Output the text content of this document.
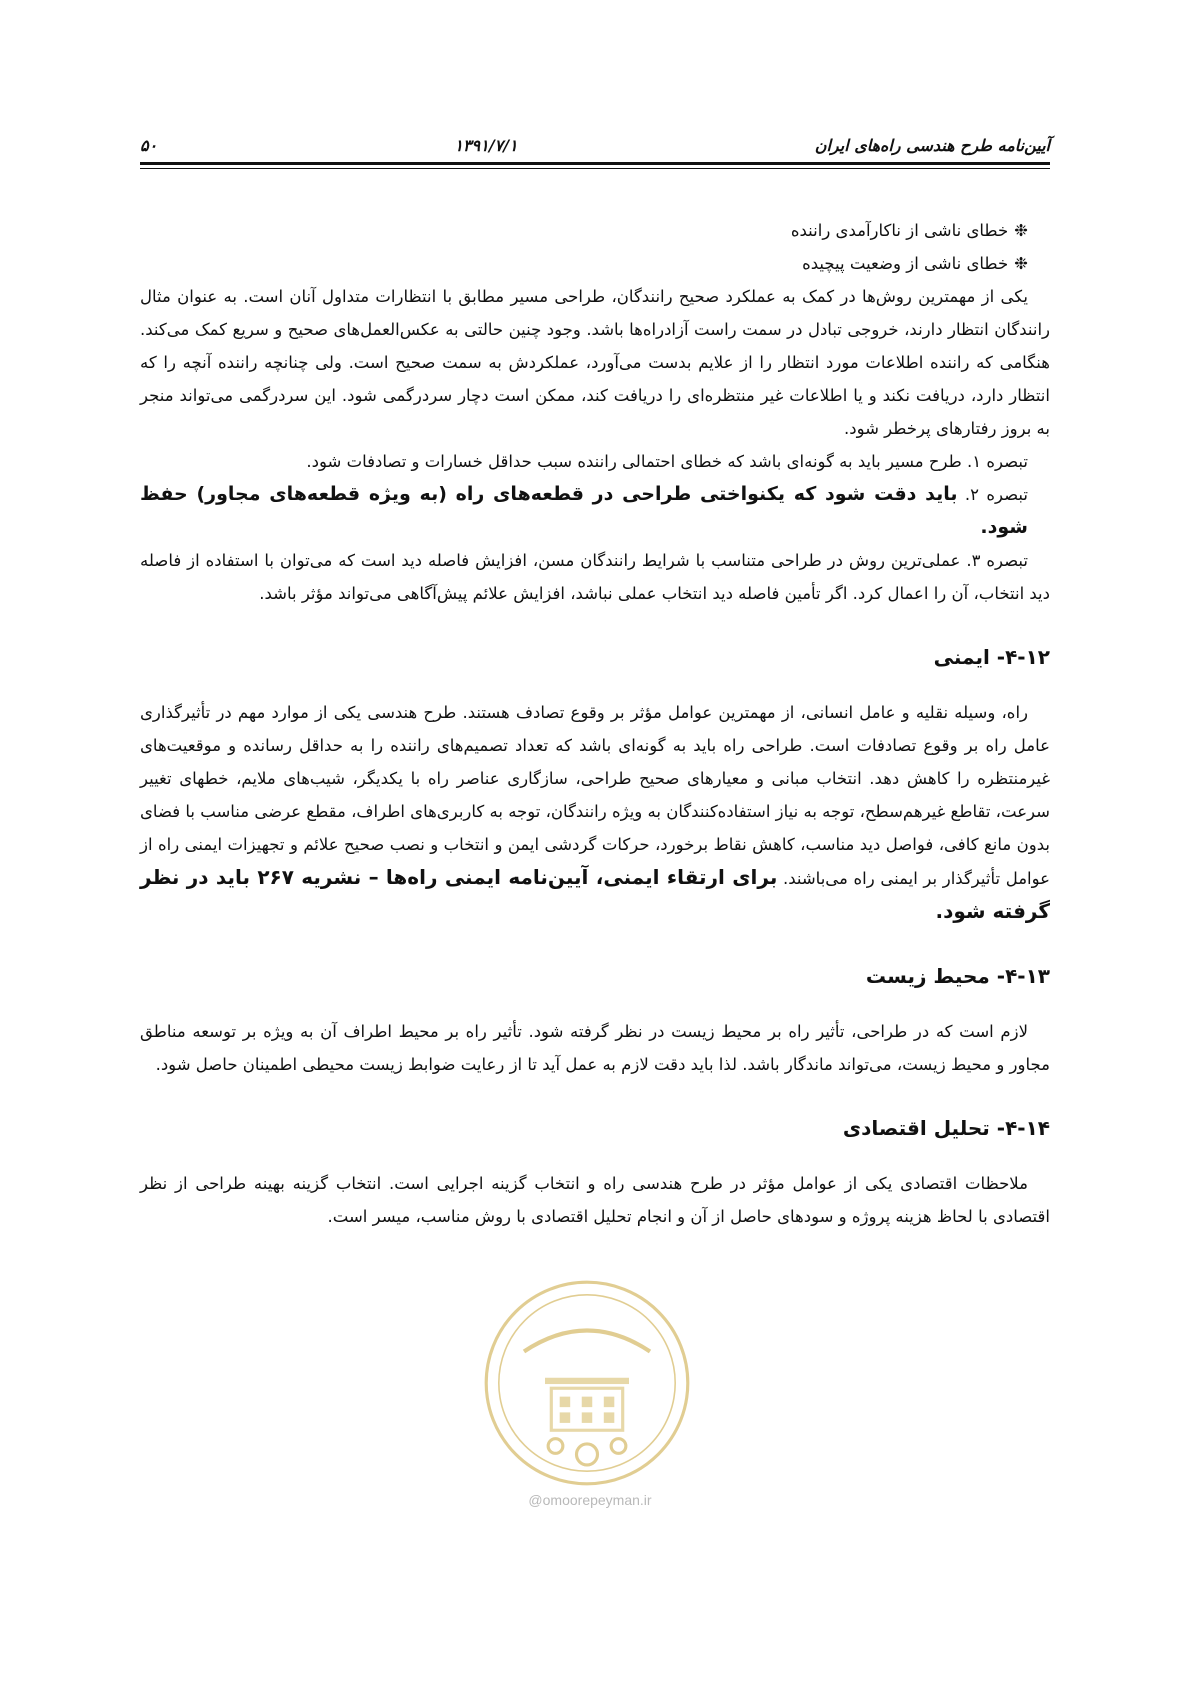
آیین‌نامه طرح هندسی راه‌های ایران
۱۳۹۱/۷/۱
۵۰

❉خطای ناشی از ناکارآمدی راننده

❉خطای ناشی از وضعیت پیچیده

یکی از مهمترین روش‌ها در کمک به عملکرد صحیح رانندگان، طراحی مسیر مطابق با انتظارات متداول آنان است. به عنوان مثال رانندگان انتظار دارند، خروجی تبادل در سمت راست آزادراه‌ها باشد. وجود چنین حالتی به عکس‌العمل‌های صحیح و سریع کمک می‌کند. هنگامی که راننده اطلاعات مورد انتظار را از علایم بدست می‌آورد، عملکردش به سمت صحیح است. ولی چنانچه راننده آنچه را که انتظار دارد، دریافت نکند و یا اطلاعات غیر منتظره‌ای را دریافت کند، ممکن است دچار سردرگمی شود. این سردرگمی می‌تواند منجر به بروز رفتارهای پرخطر شود.

تبصره ۱. طرح مسیر باید به گونه‌ای باشد که خطای احتمالی راننده سبب حداقل خسارات و تصادفات شود.

تبصره ۲. باید دقت شود که یکنواختی طراحی در قطعه‌های راه (به ویژه قطعه‌های مجاور) حفظ شود.

تبصره ۳. عملی‌ترین روش در طراحی متناسب با شرایط رانندگان مسن، افزایش فاصله دید است که می‌توان با استفاده از فاصله دید انتخاب، آن را اعمال کرد. اگر تأمین فاصله دید انتخاب عملی نباشد، افزایش علائم پیش‌آگاهی می‌تواند مؤثر باشد.

۴-۱۲- ایمنی

راه، وسیله نقلیه و عامل انسانی، از مهمترین عوامل مؤثر بر وقوع تصادف هستند. طرح هندسی یکی از موارد مهم در تأثیرگذاری عامل راه بر وقوع تصادفات است. طراحی راه باید به گونه‌ای باشد که تعداد تصمیم‌های راننده را به حداقل رسانده و موقعیت‌های غیرمنتظره را کاهش دهد. انتخاب مبانی و معیارهای صحیح طراحی، سازگاری عناصر راه با یکدیگر، شیب‌های ملایم، خطهای تغییر سرعت، تقاطع غیرهم‌سطح، توجه به نیاز استفاده‌کنندگان به ویژه رانندگان، توجه به کاربری‌های اطراف، مقطع عرضی مناسب با فضای بدون مانع کافی، فواصل دید مناسب، کاهش نقاط برخورد، حرکات گردشی ایمن و انتخاب و نصب صحیح علائم و تجهیزات ایمنی راه از عوامل تأثیرگذار بر ایمنی راه می‌باشند. برای ارتقاء ایمنی، آیین‌نامه ایمنی راه‌ها – نشریه ۲۶۷ باید در نظر گرفته شود.

۴-۱۳- محیط زیست

لازم است که در طراحی، تأثیر راه بر محیط زیست در نظر گرفته شود. تأثیر راه بر محیط اطراف آن به ویژه بر توسعه مناطق مجاور و محیط زیست، می‌تواند ماندگار باشد. لذا باید دقت لازم به عمل آید تا از رعایت ضوابط زیست محیطی اطمینان حاصل شود.

۴-۱۴- تحلیل اقتصادی

ملاحظات اقتصادی یکی از عوامل مؤثر در طرح هندسی راه و انتخاب گزینه اجرایی است. انتخاب گزینه بهینه طراحی از نظر اقتصادی با لحاظ هزینه پروژه و سودهای حاصل از آن و انجام تحلیل اقتصادی با روش مناسب، میسر است.

@omoorepeyman.ir
